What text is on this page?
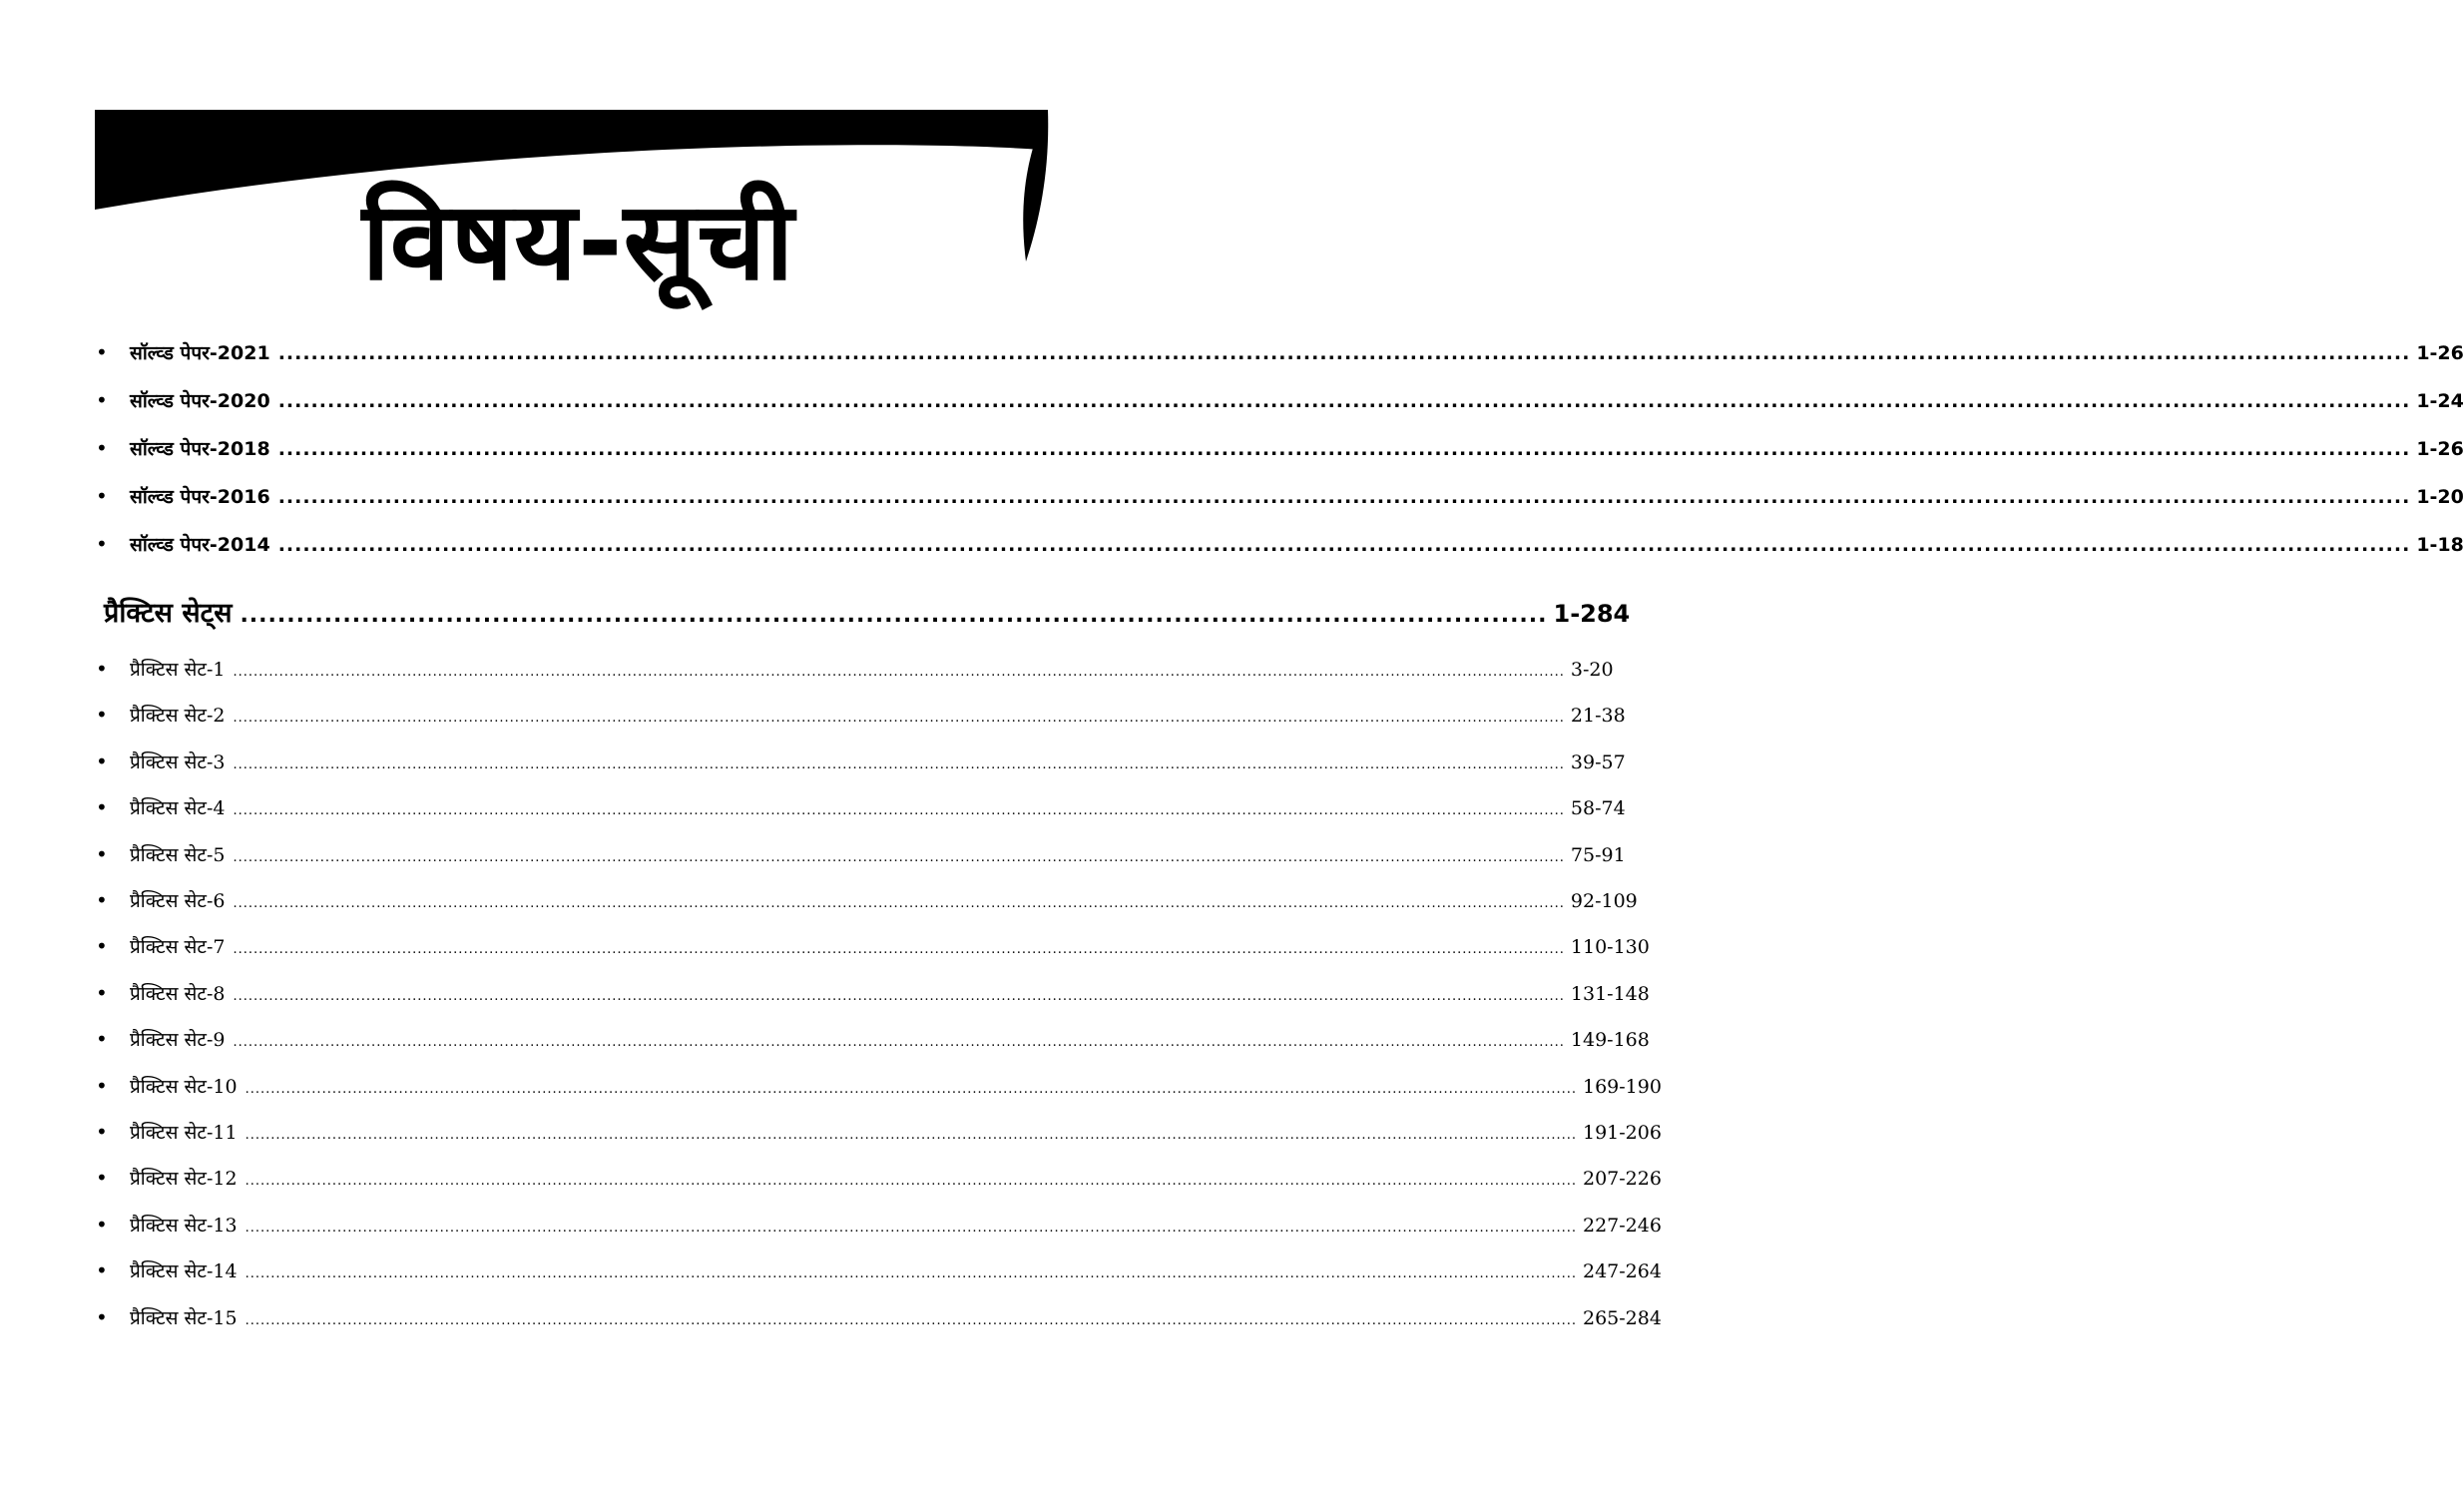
विषय-सूची
•	सॉल्व्ड पेपर-2021 .................................................................................................................................................................................................................................................................... 1-26
•	सॉल्व्ड पेपर-2020 .................................................................................................................................................................................................................................................................... 1-24
•	सॉल्व्ड पेपर-2018 .................................................................................................................................................................................................................................................................... 1-26
•	सॉल्व्ड पेपर-2016 .................................................................................................................................................................................................................................................................... 1-20
•	सॉल्व्ड पेपर-2014 .................................................................................................................................................................................................................................................................... 1-18
प्रैक्टिस सेट्स ............................................................................................................................................ 1-284
•	प्रैक्टिस सेट-1 .................................................................................................................................................................................................................................................................... 3-20
•	प्रैक्टिस सेट-2 .................................................................................................................................................................................................................................................................... 21-38
•	प्रैक्टिस सेट-3 .................................................................................................................................................................................................................................................................... 39-57
•	प्रैक्टिस सेट-4 .................................................................................................................................................................................................................................................................... 58-74
•	प्रैक्टिस सेट-5 .................................................................................................................................................................................................................................................................... 75-91
•	प्रैक्टिस सेट-6 .................................................................................................................................................................................................................................................................... 92-109
•	प्रैक्टिस सेट-7 .................................................................................................................................................................................................................................................................... 110-130
•	प्रैक्टिस सेट-8 .................................................................................................................................................................................................................................................................... 131-148
•	प्रैक्टिस सेट-9 .................................................................................................................................................................................................................................................................... 149-168
•	प्रैक्टिस सेट-10 .................................................................................................................................................................................................................................................................... 169-190
•	प्रैक्टिस सेट-11 .................................................................................................................................................................................................................................................................... 191-206
•	प्रैक्टिस सेट-12 .................................................................................................................................................................................................................................................................... 207-226
•	प्रैक्टिस सेट-13 .................................................................................................................................................................................................................................................................... 227-246
•	प्रैक्टिस सेट-14 .................................................................................................................................................................................................................................................................... 247-264
•	प्रैक्टिस सेट-15 .................................................................................................................................................................................................................................................................... 265-284
